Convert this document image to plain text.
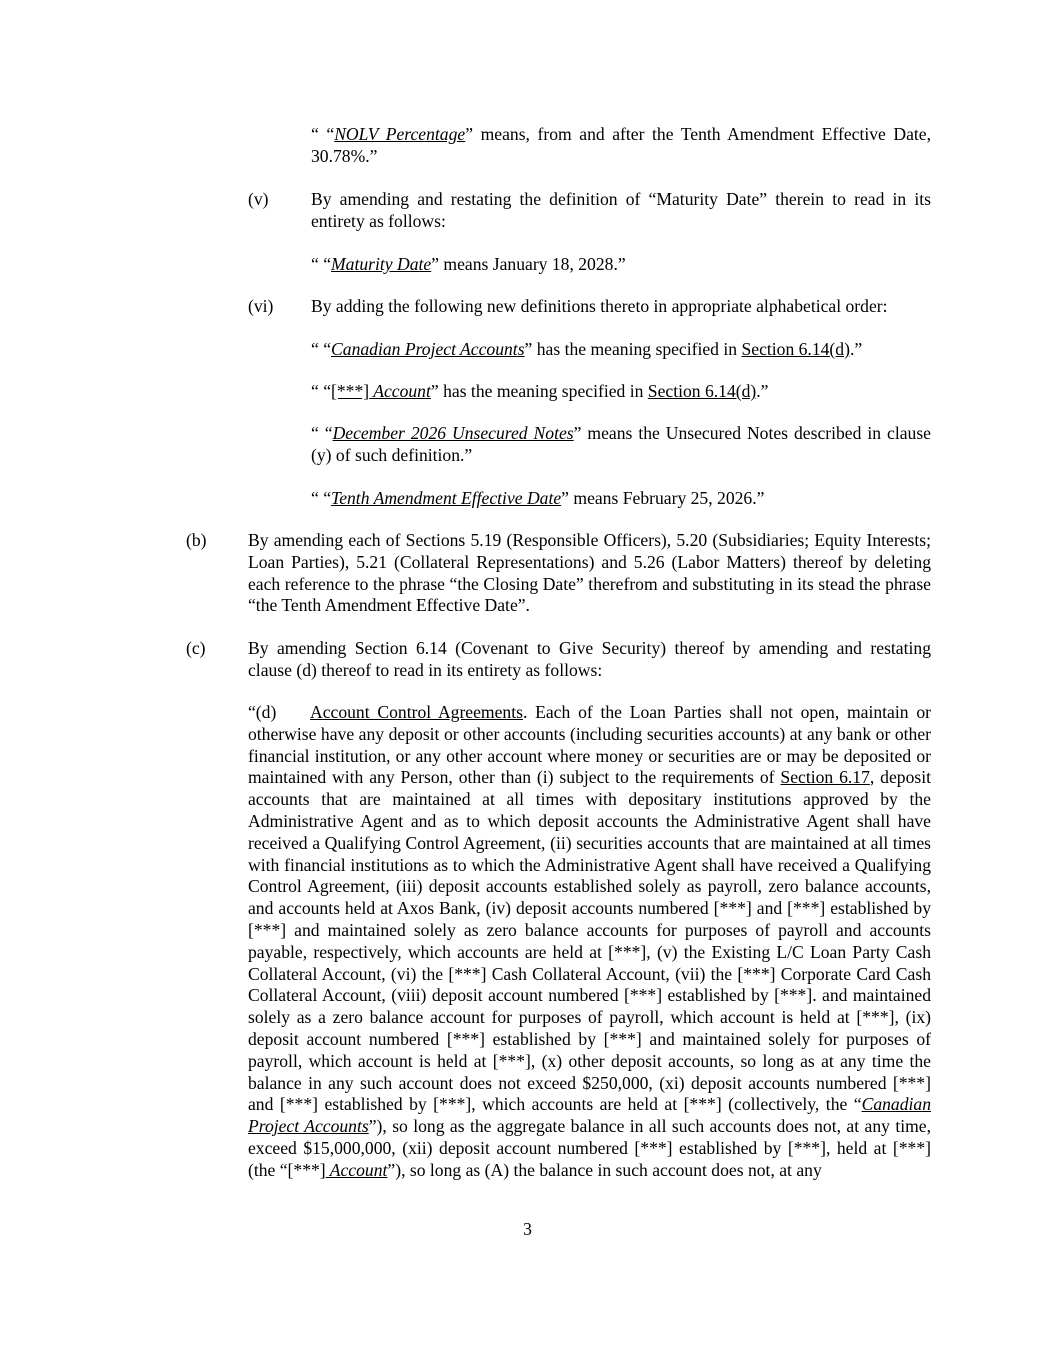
“ “NOLV Percentage” means, from and after the Tenth Amendment Effective Date, 30.78%.”
(v) By amending and restating the definition of “Maturity Date” therein to read in its entirety as follows:
“ “Maturity Date” means January 18, 2028.”
(vi) By adding the following new definitions thereto in appropriate alphabetical order:
“ “Canadian Project Accounts” has the meaning specified in Section 6.14(d).”
“ “[***] Account” has the meaning specified in Section 6.14(d).”
“ “December 2026 Unsecured Notes” means the Unsecured Notes described in clause (y) of such definition.”
“ “Tenth Amendment Effective Date” means February 25, 2026.”
(b) By amending each of Sections 5.19 (Responsible Officers), 5.20 (Subsidiaries; Equity Interests; Loan Parties), 5.21 (Collateral Representations) and 5.26 (Labor Matters) thereof by deleting each reference to the phrase “the Closing Date” therefrom and substituting in its stead the phrase “the Tenth Amendment Effective Date”.
(c) By amending Section 6.14 (Covenant to Give Security) thereof by amending and restating clause (d) thereof to read in its entirety as follows:
“(d) Account Control Agreements. Each of the Loan Parties shall not open, maintain or otherwise have any deposit or other accounts (including securities accounts) at any bank or other financial institution, or any other account where money or securities are or may be deposited or maintained with any Person, other than (i) subject to the requirements of Section 6.17, deposit accounts that are maintained at all times with depositary institutions approved by the Administrative Agent and as to which deposit accounts the Administrative Agent shall have received a Qualifying Control Agreement, (ii) securities accounts that are maintained at all times with financial institutions as to which the Administrative Agent shall have received a Qualifying Control Agreement, (iii) deposit accounts established solely as payroll, zero balance accounts, and accounts held at Axos Bank, (iv) deposit accounts numbered [***] and [***] established by [***] and maintained solely as zero balance accounts for purposes of payroll and accounts payable, respectively, which accounts are held at [***], (v) the Existing L/C Loan Party Cash Collateral Account, (vi) the [***] Cash Collateral Account, (vii) the [***] Corporate Card Cash Collateral Account, (viii) deposit account numbered [***] established by [***]. and maintained solely as a zero balance account for purposes of payroll, which account is held at [***], (ix) deposit account numbered [***] established by [***] and maintained solely for purposes of payroll, which account is held at [***], (x) other deposit accounts, so long as at any time the balance in any such account does not exceed $250,000, (xi) deposit accounts numbered [***] and [***] established by [***], which accounts are held at [***] (collectively, the “Canadian Project Accounts”), so long as the aggregate balance in all such accounts does not, at any time, exceed $15,000,000, (xii) deposit account numbered [***] established by [***], held at [***] (the “[***] Account”), so long as (A) the balance in such account does not, at any
3
